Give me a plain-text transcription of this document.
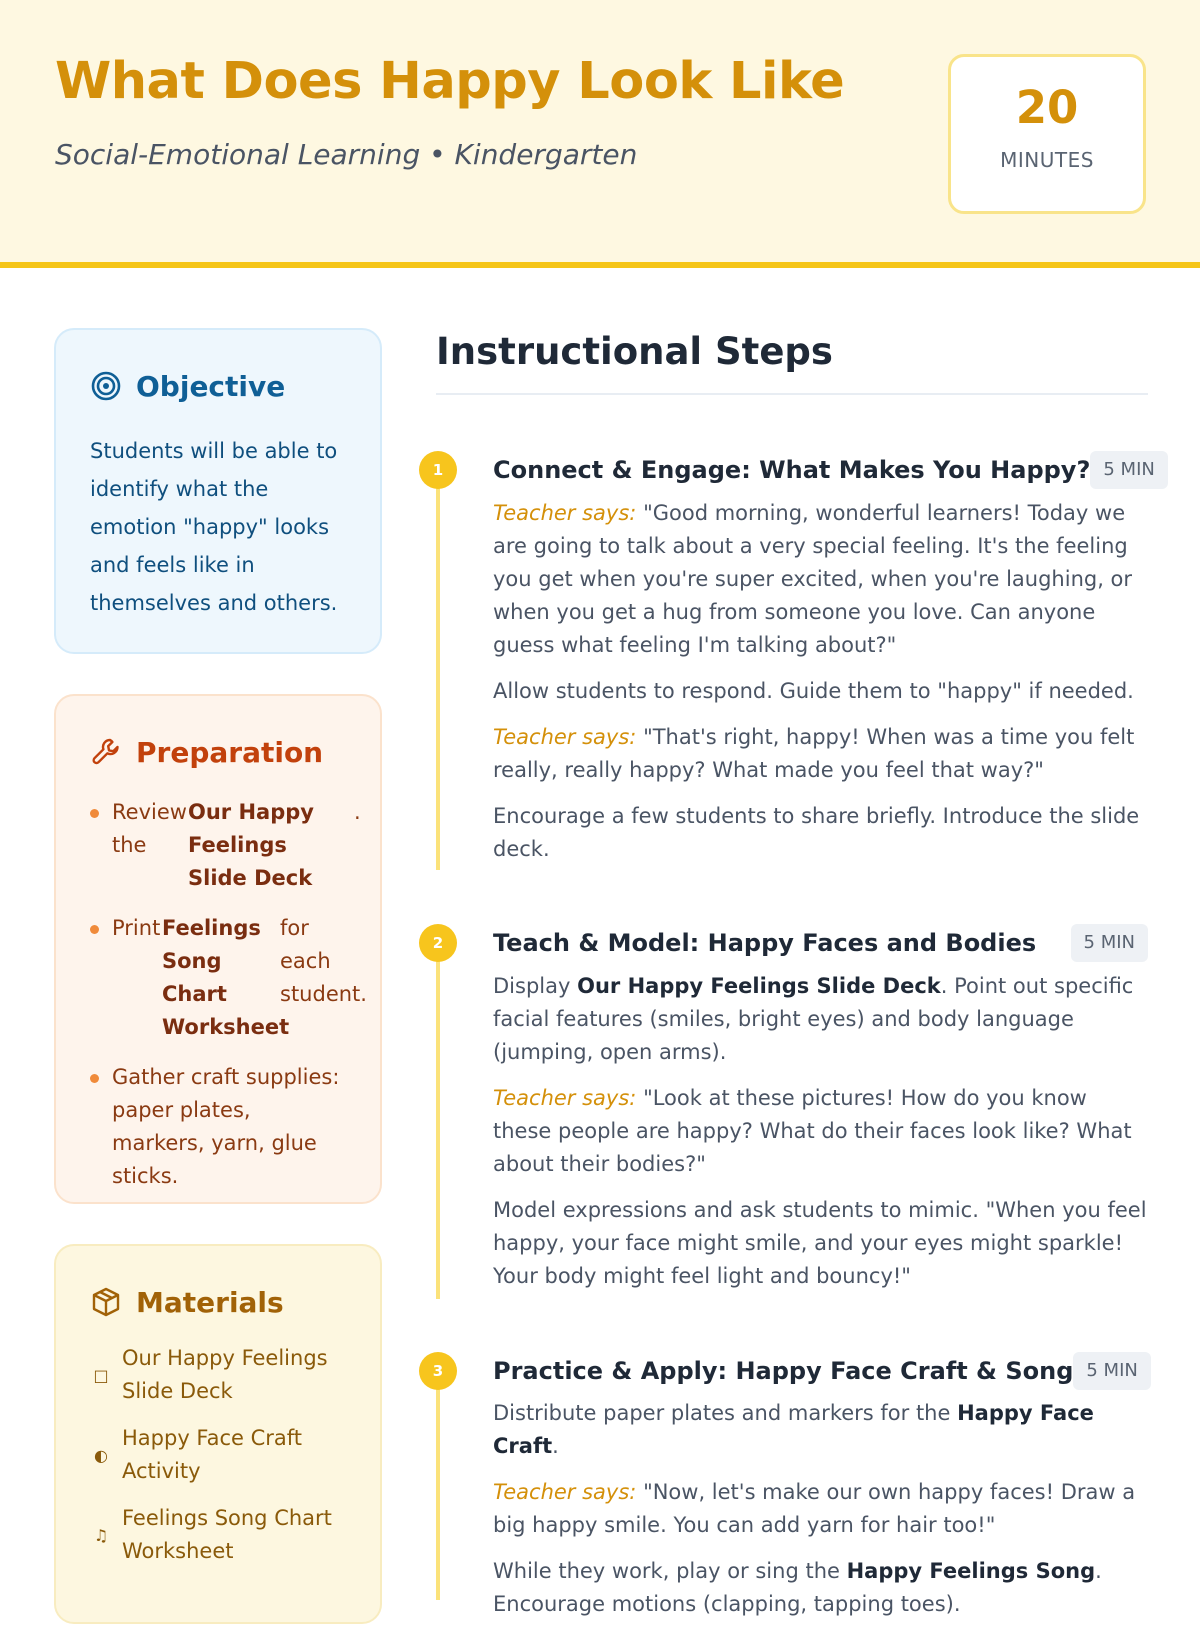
What Does Happy Look Like
Social-Emotional Learning • Kindergarten
20
MINUTES
Objective
Students will be able to identify what the emotion "happy" looks and feels like in themselves and others.
Preparation
Review the
Our Happy Feelings Slide Deck
.
Print Feelings Song Chart Worksheet
for each student.
Gather craft supplies: paper plates, markers, yarn, glue sticks.
Materials
□
Our Happy Feelings Slide Deck
◐
Happy Face Craft Activity
♫
Feelings Song Chart Worksheet
Instructional Steps
1	Connect & Engage: What Makes You Happy? 5 MIN

Teacher says: "Good morning, wonderful learners! Today we are going to talk about a very special feeling. It's the feeling you get when you're super excited, when you're laughing, or when you get a hug from someone you love. Can anyone guess what feeling I'm talking about?"

Allow students to respond. Guide them to "happy" if needed.

Teacher says: "That's right, happy! When was a time you felt really, really happy? What made you feel that way?"

Encourage a few students to share briefly. Introduce the slide deck.

2	Teach & Model: Happy Faces and Bodies	5 MIN

Display Our Happy Feelings Slide Deck. Point out specific facial features (smiles, bright eyes) and body language (jumping, open arms).

Teacher says: "Look at these pictures! How do you know these people are happy? What do their faces look like? What about their bodies?"

Model expressions and ask students to mimic. "When you feel happy, your face might smile, and your eyes might sparkle! Your body might feel light and bouncy!"

3	Practice & Apply: Happy Face Craft & Song 5 MIN

Distribute paper plates and markers for the Happy Face Craft.

Teacher says: "Now, let's make our own happy faces! Draw a big happy smile. You can add yarn for hair too!"

While they work, play or sing the Happy Feelings Song. Encourage motions (clapping, tapping toes).
